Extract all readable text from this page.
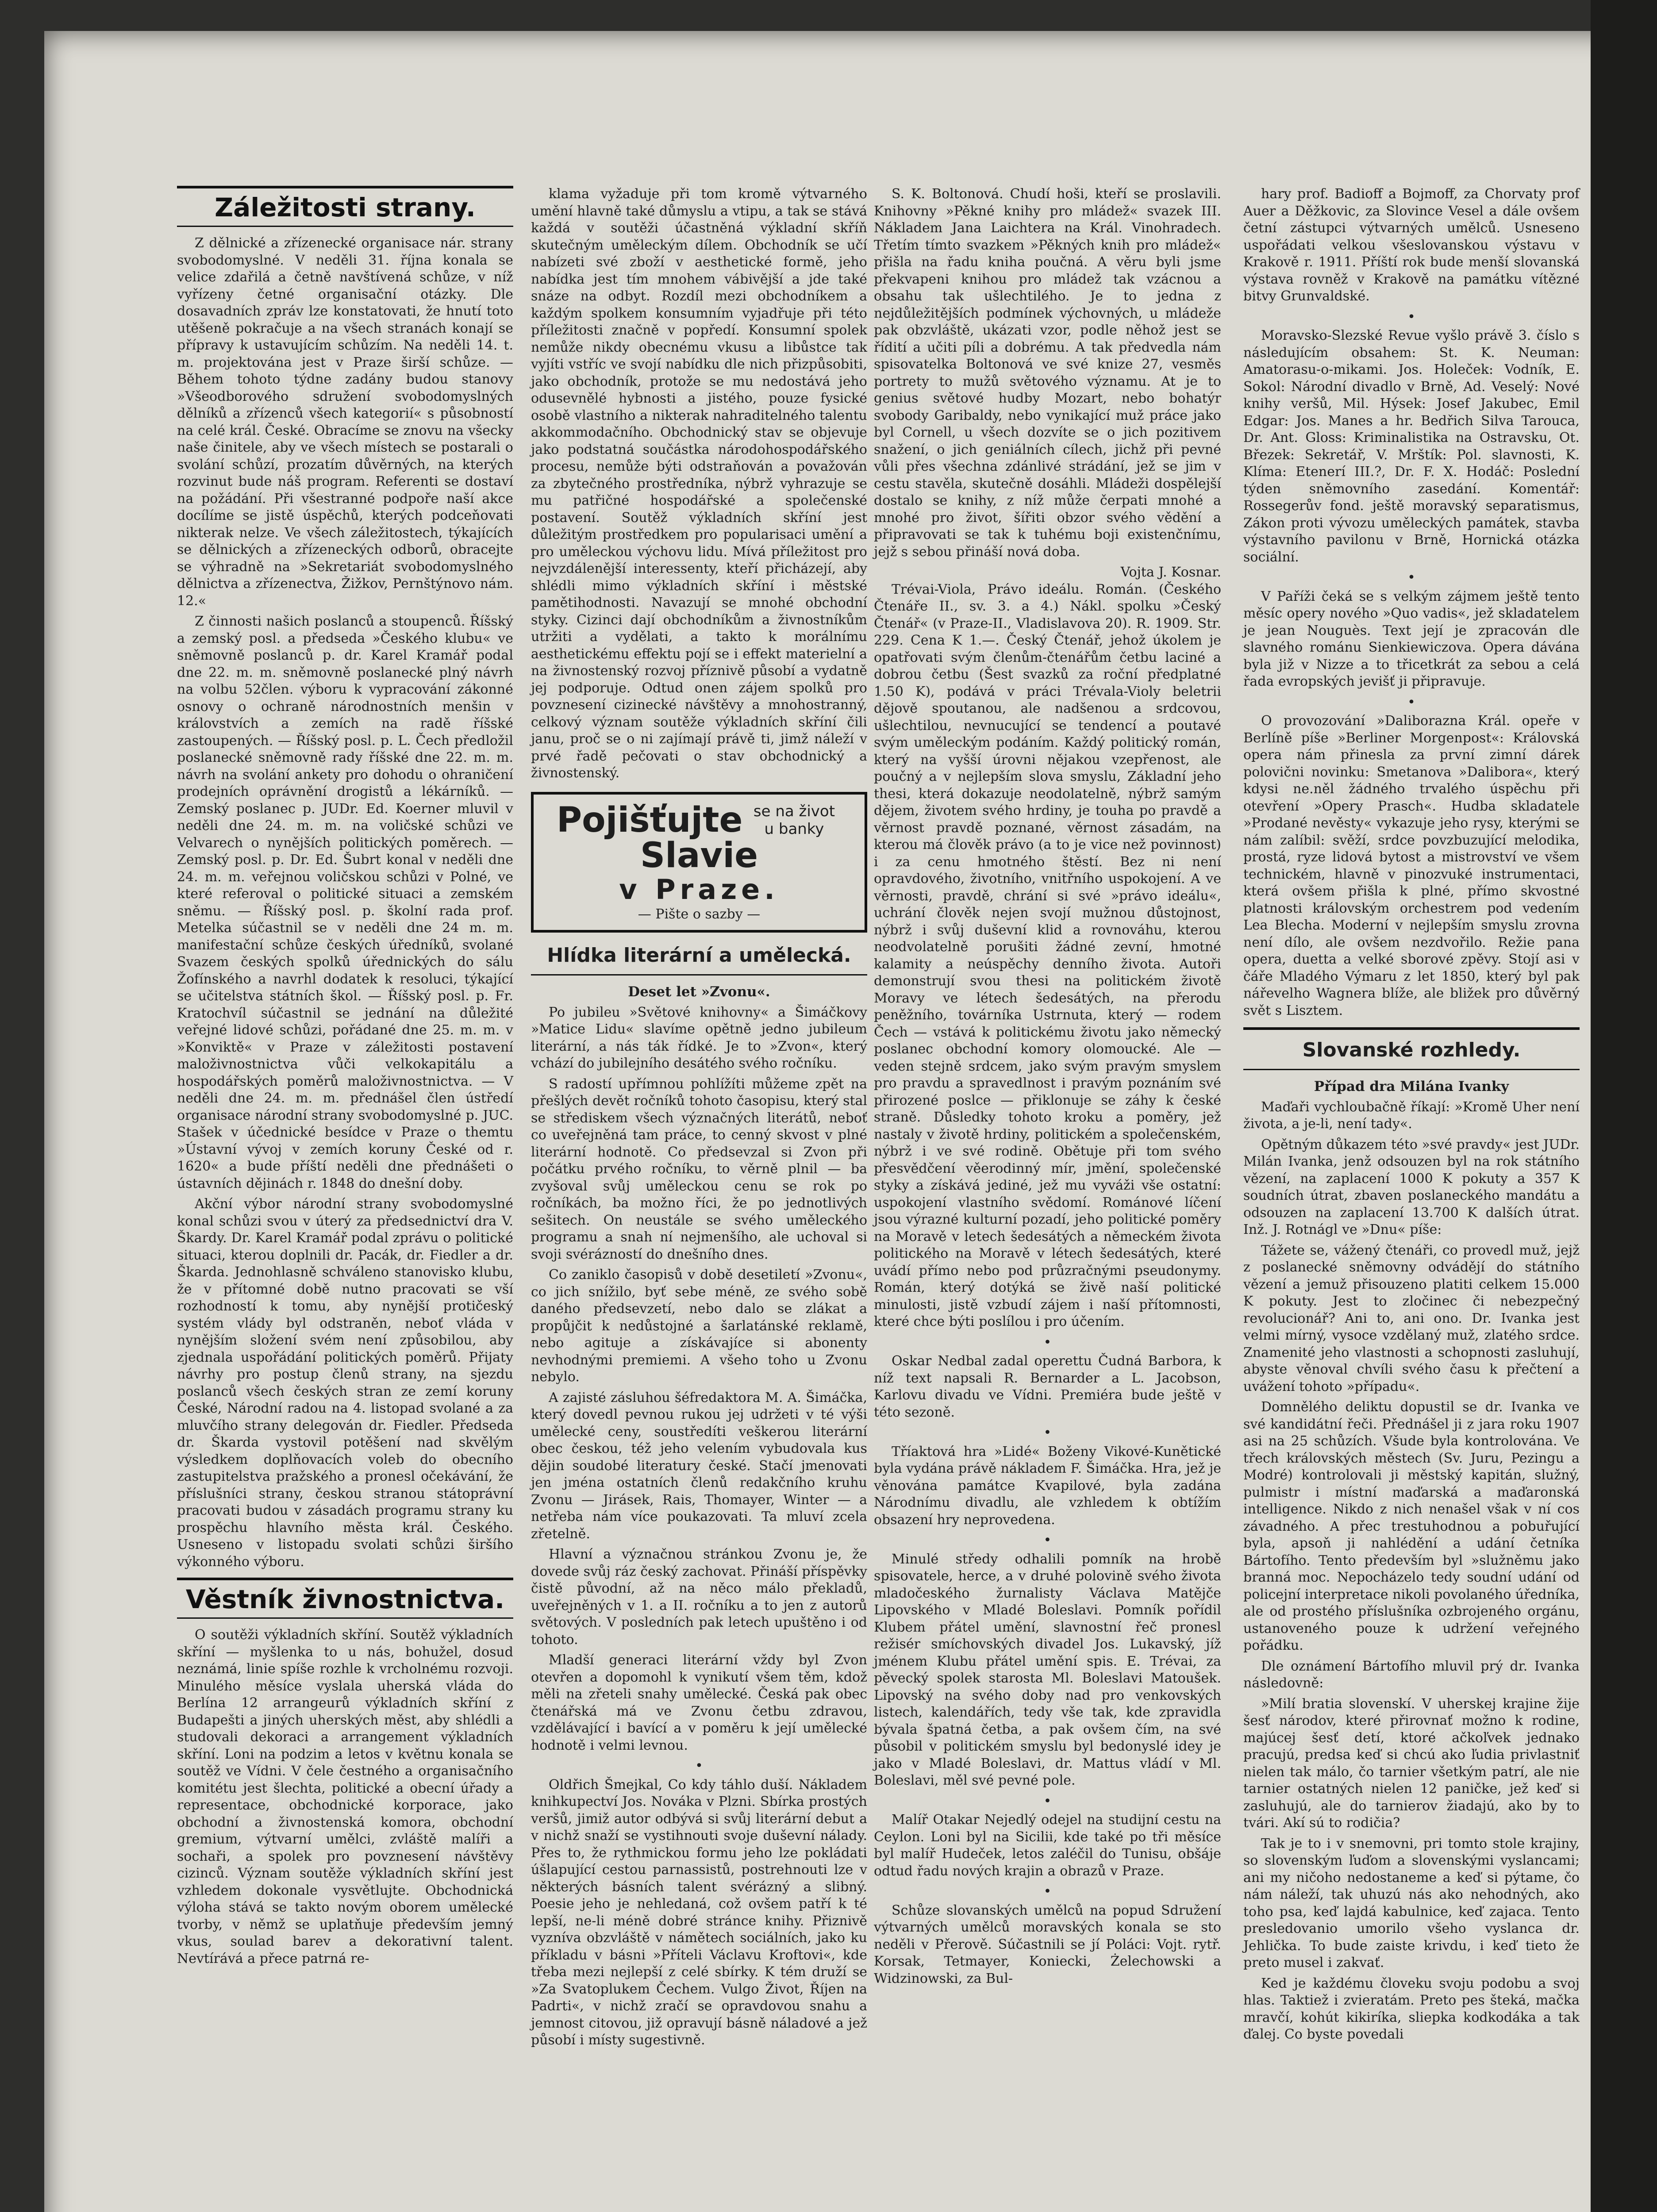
Záležitosti strany.

Z dělnické a zřízenecké organisace nár. strany svobodomyslné. V neděli 31. října konala se velice zdařilá a četně navštívená schůze, v níž vyřízeny četné organisační otázky. Dle dosavadních zpráv lze konstatovati, že hnutí toto utěšeně pokračuje a na všech stranách konají se přípravy k ustavujícím schůzím. Na neděli 14. t. m. projektována jest v Praze širší schůze. — Během tohoto týdne zadány budou stanovy »Všeodborového sdružení svobodomyslných dělníků a zřízenců všech kategorií« s působností na celé král. České. Obracíme se znovu na všecky naše činitele, aby ve všech místech se postarali o svolání schůzí, prozatím důvěrných, na kterých rozvinut bude náš program. Referenti se dostaví na požádání. Při všestranné podpoře naší akce docílíme se jistě úspěchů, kterých podceňovati nikterak nelze. Ve všech záležitostech, týkajících se dělnických a zřízeneckých odborů, obracejte se výhradně na »Sekretariát svobodomyslného dělnictva a zřízenectva, Žižkov, Pernštýnovo nám. 12.«

Z činnosti našich poslanců a stoupenců. Říšský a zemský posl. a předseda »Českého klubu« ve sněmovně poslanců p. dr. Karel Kramář podal dne 22. m. m. sněmovně poslanecké plný návrh na volbu 52člen. výboru k vypracování zákonné osnovy o ochraně národnostních menšin v královstvích a zemích na radě říšské zastoupených. — Říšský posl. p. L. Čech předložil poslanecké sněmovně rady říšské dne 22. m. m. návrh na svolání ankety pro dohodu o ohraničení prodejních oprávnění drogistů a lékárníků. — Zemský poslanec p. JUDr. Ed. Koerner mluvil v neděli dne 24. m. m. na voličské schůzi ve Velvarech o nynějších politických poměrech. — Zemský posl. p. Dr. Ed. Šubrt konal v neděli dne 24. m. m. veřejnou voličskou schůzi v Polné, ve které referoval o politické situaci a zemském sněmu. — Říšský posl. p. školní rada prof. Metelka súčastnil se v neděli dne 24 m. m. manifestační schůze českých úředníků, svolané Svazem českých spolků úřednických do sálu Žofínského a navrhl dodatek k resoluci, týkající se učitelstva státních škol. — Říšský posl. p. Fr. Kratochvíl súčastnil se jednání na důležité veřejné lidové schůzi, pořádané dne 25. m. m. v »Konviktě« v Praze v záležitosti postavení maloživnostnictva vůči velkokapitálu a hospodářských poměrů maloživnostnictva. — V neděli dne 24. m. m. přednášel člen ústředí organisace národní strany svobodomyslné p. JUC. Stašek v účednické besídce v Praze o themtu »Ústavní vývoj v zemích koruny České od r. 1620« a bude příští neděli dne přednášeti o ústavních dějinách r. 1848 do dnešní doby.

Akční výbor národní strany svobodomyslné konal schůzi svou v úterý za předsednictví dra V. Škardy. Dr. Karel Kramář podal zprávu o politické situaci, kterou doplnili dr. Pacák, dr. Fiedler a dr. Škarda. Jednohlasně schváleno stanovisko klubu, že v přítomné době nutno pracovati se vší rozhodností k tomu, aby nynější protičeský systém vlády byl odstraněn, neboť vláda v nynějším složení svém není způsobilou, aby zjednala uspořádání politických poměrů. Přijaty návrhy pro postup členů strany, na sjezdu poslanců všech českých stran ze zemí koruny České, Národní radou na 4. listopad svolané a za mluvčího strany delegován dr. Fiedler. Předseda dr. Škarda vystovil potěšení nad skvělým výsledkem doplňovacích voleb do obecního zastupitelstva pražského a pronesl očekávání, že příslušníci strany, českou stranou státoprávní pracovati budou v zásadách programu strany ku prospěchu hlavního města král. Českého. Usneseno v listopadu svolati schůzi širšího výkonného výboru.

Věstník živnostnictva.

O soutěži výkladních skříní. Soutěž výkladních skříní — myšlenka to u nás, bohužel, dosud neznámá, linie spíše rozhle k vrcholnému rozvoji. Minulého měsíce vyslala uherská vláda do Berlína 12 arrangeurů výkladních skříní z Budapešti a jiných uherských měst, aby shlédli a studovali dekoraci a arrangement výkladních skříní. Loni na podzim a letos v květnu konala se soutěž ve Vídni. V čele čestného a organisačního komitétu jest šlechta, politické a obecní úřady a representace, obchodnické korporace, jako obchodní a živnostenská komora, obchodní gremium, výtvarní umělci, zvláště malíři a sochaři, a spolek pro povznesení návštěvy cizinců. Význam soutěže výkladních skříní jest vzhledem dokonale vysvětlujte. Obchodnická výloha stává se takto novým oborem umělecké tvorby, v němž se uplatňuje především jemný vkus, soulad barev a dekorativní talent. Nevtírává a přece patrná re-

klama vyžaduje při tom kromě výtvarného umění hlavně také důmyslu a vtipu, a tak se stává každá v soutěži účastněná výkladní skříň skutečným uměleckým dílem. Obchodník se učí nabízeti své zboží v aesthetické formě, jeho nabídka jest tím mnohem vábivější a jde také snáze na odbyt. Rozdíl mezi obchodníkem a každým spolkem konsumním vyjadřuje při této příležitosti značně v popředí. Konsumní spolek nemůže nikdy obecnému vkusu a libůstce tak vyjíti vstříc ve svojí nabídku dle nich přizpůsobiti, jako obchodník, protože se mu nedostává jeho odusevnělé hybnosti a jistého, pouze fysické osobě vlastního a nikterak nahraditelného talentu akkommodačního. Obchodnický stav se objevuje jako podstatná součástka národohospodářského procesu, nemůže býti odstraňován a považován za zbytečného prostředníka, nýbrž vyhrazuje se mu patřičné hospodářské a společenské postavení. Soutěž výkladních skříní jest důležitým prostředkem pro popularisaci umění a pro uměleckou výchovu lidu. Mívá příležitost pro nejvzdálenější interessenty, kteří přicházejí, aby shlédli mimo výkladních skříní i městské pamětihodnosti. Navazují se mnohé obchodní styky. Cizinci dají obchodníkům a živnostníkům utržiti a vydělati, a takto k morálnímu aesthetickému effektu pojí se i effekt materielní a na živnostenský rozvoj příznivě působí a vydatně jej podporuje. Odtud onen zájem spolků pro povznesení cizinecké návštěvy a mnohostranný, celkový význam soutěže výkladních skříní čili janu, proč se o ni zajímají právě ti, jimž náleží v prvé řadě pečovati o stav obchodnický a živnostenský.

Pojišťujte se na život u banky Slavie
v Praze.
— Pište o sazby —
Hlídka literární a umělecká.
Deset let »Zvonu«.

Po jubileu »Světové knihovny« a Šimáčkovy »Matice Lidu« slavíme opětně jedno jubileum literární, a nás ták řídké. Je to »Zvon«, který vchází do jubilejního desátého svého ročníku.

S radostí upřímnou pohlížíti můžeme zpět na přešlých devět ročníků tohoto časopisu, který stal se střediskem všech význačných literátů, neboť co uveřejněná tam práce, to cenný skvost v plné literární hodnotě. Co předsevzal si Zvon při počátku prvého ročníku, to věrně plnil — ba zvyšoval svůj uměleckou cenu se rok po ročníkách, ba možno říci, že po jednotlivých sešitech. On neustále se svého uměleckého programu a snah ní nejmenšího, ale uchoval si svoji svérázností do dnešního dnes.

Co zaniklo časopisů v době desetiletí »Zvonu«, co jich snížilo, byť sebe méně, ze svého sobě daného předsevzetí, nebo dalo se zlákat a propůjčit k nedůstojné a šarlatánské reklamě, nebo agituje a získávajíce si abonenty nevhodnými premiemi. A všeho toho u Zvonu nebylo.

A zajisté zásluhou šéfredaktora M. A. Šimáčka, který dovedl pevnou rukou jej udržeti v té výši umělecké ceny, soustředíti veškerou literární obec českou, též jeho velením vybudovala kus dějin soudobé literatury české. Stačí jmenovati jen jména ostatních členů redakčního kruhu Zvonu — Jirásek, Rais, Thomayer, Winter — a netřeba nám více poukazovati. Ta mluví zcela zřetelně.

Hlavní a význačnou stránkou Zvonu je, že dovede svůj ráz český zachovat. Přináší příspěvky čistě původní, až na něco málo překladů, uveřejněných v 1. a II. ročníku a to jen z autorů světových. V posledních pak letech upuštěno i od tohoto.

Mladší generaci literární vždy byl Zvon otevřen a dopomohl k vynikutí všem těm, kdož měli na zřeteli snahy umělecké. Česká pak obec čtenářská má ve Zvonu četbu zdravou, vzdělávající i bavící a v poměru k její umělecké hodnotě i velmi levnou.

•

Oldřich Šmejkal, Co kdy táhlo duší. Nákladem knihkupectví Jos. Nováka v Plzni. Sbírka prostých veršů, jimiž autor odbývá si svůj literární debut a v nichž snaží se vystihnouti svoje duševní nálady. Přes to, že rythmickou formu jeho lze pokládati úšlapující cestou parnassistů, postrehnouti lze v některých básních talent svérázný a slibný. Poesie jeho je nehledaná, což ovšem patří k té lepší, ne-li méně dobré stránce knihy. Přiznivě vyzníva obzvláště v námětech sociálních, jako ku příkladu v básni »Příteli Václavu Kroftovi«, kde třeba mezi nejlepší z celé sbírky. K tém druží se »Za Svatoplukem Čechem. Vulgo Život, Říjen na Padrti«, v nichž zračí se opravdovou snahu a jemnost citovou, již opravují básně náladové a jež působí i místy sugestivně.

S. K. Boltonová. Chudí hoši, kteří se proslavili. Knihovny »Pěkné knihy pro mládež« svazek III. Nákladem Jana Laichtera na Král. Vinohradech. Třetím tímto svazkem »Pěkných knih pro mládež« přišla na řadu kniha poučná. A věru byli jsme překvapeni knihou pro mládež tak vzácnou a obsahu tak ušlechtilého. Je to jedna z nejdůležitějších podmínek výchovných, u mládeže pak obzvláště, ukázati vzor, podle něhož jest se řídití a učiti píli a dobrému. A tak předvedla nám spisovatelka Boltonová ve své knize 27, vesměs portrety to mužů světového významu. At je to genius světové hudby Mozart, nebo bohatýr svobody Garibaldy, nebo vynikající muž práce jako byl Cornell, u všech dozvíte se o jich pozitivem snažení, o jich geniálních cílech, jichž při pevné vůli přes všechna zdánlivé strádání, jež se jim v cestu stavěla, skutečně dosáhli. Mládeži dospělejší dostalo se knihy, z níž může čerpati mnohé a mnohé pro život, šířiti obzor svého vědění a připravovati se tak k tuhému boji existenčnímu, jejž s sebou přináší nová doba.

Vojta J. Kosnar.

Trévai-Viola, Právo ideálu. Román. (Českého Čtenáře II., sv. 3. a 4.) Nákl. spolku »Český Čtenář« (v Praze-II., Vladislavova 20). R. 1909. Str. 229. Cena K 1.—. Český Čtenář, jehož úkolem je opatřovati svým členům-čtenářům četbu laciné a dobrou četbu (Šest svazků za roční předplatné 1.50 K), podává v práci Trévala-Violy beletrii dějově spoutanou, ale nadšenou a srdcovou, ušlechtilou, nevnucující se tendencí a poutavé svým uměleckým podáním. Každý politický román, který na vyšší úrovni nějakou vzepřenost, ale poučný a v nejlepším slova smyslu, Základní jeho thesi, která dokazuje neodolatelně, nýbrž samým dějem, životem svého hrdiny, je touha po pravdě a věrnost pravdě poznané, věrnost zásadám, na kterou má člověk právo (a to je vice než povinnost) i za cenu hmotného štěstí. Bez ni není opravdového, životního, vnitřního uspokojení. A ve věrnosti, pravdě, chrání si své »právo ideálu«, uchrání člověk nejen svojí mužnou důstojnost, nýbrž i svůj duševní klid a rovnováhu, kterou neodvolatelně porušiti žádné zevní, hmotné kalamity a neúspěchy denního života. Autoři demonstrují svou thesi na politickém životě Moravy ve létech šedesátých, na přerodu peněžního, továrníka Ustrnuta, který — rodem Čech — vstává k politickému životu jako německý poslanec obchodní komory olomoucké. Ale — veden stejně srdcem, jako svým pravým smyslem pro pravdu a spravedlnost i pravým poznáním své přirozené poslce — přiklonuje se záhy k české straně. Důsledky tohoto kroku a poměry, jež nastaly v životě hrdiny, politickém a společenském, nýbrž i ve své rodině. Obětuje při tom svého přesvědčení věerodinný mír, jmění, společenské styky a získává jediné, jež mu vyváži vše ostatní: uspokojení vlastního svědomí. Románové líčení jsou výrazné kulturní pozadí, jeho politické poměry na Moravě v letech šedesátých a německém života politického na Moravě v létech šedesátých, které uvádí přímo nebo pod průzračnými pseudonymy. Román, který dotýká se živě naší politické minulosti, jistě vzbudí zájem i naší přítomnosti, které chce býti poslílou i pro účením.

•

Oskar Nedbal zadal operettu Čudná Barbora, k níž text napsali R. Bernarder a L. Jacobson, Karlovu divadu ve Vídni. Premiéra bude ještě v této sezoně.

•

Tříaktová hra »Lidé« Boženy Vikové-Kunětické byla vydána právě nákladem F. Šimáčka. Hra, jež je věnována památce Kvapilové, byla zadána Národnímu divadlu, ale vzhledem k obtížím obsazení hry neprovedena.

•

Minulé středy odhalili pomník na hrobě spisovatele, herce, a v druhé polovině svého života mladočeského žurnalisty Václava Matějče Lipovského v Mladé Boleslavi. Pomník pořídil Klubem přátel umění, slavnostní řeč pronesl režisér smíchovských divadel Jos. Lukavský, jíž jménem Klubu přátel umění spis. E. Trévai, za pěvecký spolek starosta Ml. Boleslavi Matoušek. Lipovský na svého doby nad pro venkovských listech, kalendářích, tedy vše tak, kde zpravidla bývala špatná četba, a pak ovšem čím, na své působil v politickém smyslu byl bedonyslé idey je jako v Mladé Boleslavi, dr. Mattus vládí v Ml. Boleslavi, měl své pevné pole.

•

Malíř Otakar Nejedlý odejel na studijní cestu na Ceylon. Loni byl na Sicilii, kde také po tři měsíce byl malíř Hudeček, letos zaléčil do Tunisu, obšáje odtud řadu nových krajin a obrazů v Praze.

•

Schůze slovanských umělců na popud Sdružení výtvarných umělců moravských konala se sto neděli v Přerově. Súčastnili se jí Poláci: Vojt. rytř. Korsak, Tetmayer, Koniecki, Żelechowski a Widzinowski, za Bul-

hary prof. Badioff a Bojmoff, za Chorvaty prof Auer a Děžkovic, za Slovince Vesel a dále ovšem četní zástupci výtvarných umělců. Usneseno uspořádati velkou všeslovanskou výstavu v Krakově r. 1911. Příští rok bude menší slovanská výstava rovněž v Krakově na památku vítězné bitvy Grunvaldské.

•

Moravsko-Slezské Revue vyšlo právě 3. číslo s následujícím obsahem: St. K. Neuman: Amatorasu-o-mikami. Jos. Holeček: Vodník, E. Sokol: Národní divadlo v Brně, Ad. Veselý: Nové knihy veršů, Mil. Hýsek: Josef Jakubec, Emil Edgar: Jos. Manes a hr. Bedřich Silva Tarouca, Dr. Ant. Gloss: Kriminalistika na Ostravsku, Ot. Březek: Sekretář, V. Mrštík: Pol. slavnosti, K. Klíma: Etenerí III.?, Dr. F. X. Hodáč: Poslední týden sněmovního zasedání. Komentář: Rossegerův fond. ještě moravský separatismus, Zákon proti vývozu uměleckých památek, stavba výstavního pavilonu v Brně, Hornická otázka sociální.

•

V Paříži čeká se s velkým zájmem ještě tento měsíc opery nového »Quo vadis«, jež skladatelem je jean Nouguès. Text její je zpracován dle slavného románu Sienkiewiczova. Opera dávána byla již v Nizze a to třicetkrát za sebou a celá řada evropských jevišť ji připravuje.

•

O provozování »Daliborazna Král. opeře v Berlíně píše »Berliner Morgenpost«: Královská opera nám přinesla za první zimní dárek polovični novinku: Smetanova »Dalibora«, který kdysi ne.něl žádného trvalého úspěchu při otevření »Opery Prasch«. Hudba skladatele »Prodané nevěsty« vykazuje jeho rysy, kterými se nám zalíbil: svěží, srdce povzbuzující melodika, prostá, ryze lidová bytost a mistrovství ve všem technickém, hlavně v pinozvuké instrumentaci, která ovšem přišla k plné, přímo skvostné platnosti královským orchestrem pod vedením Lea Blecha. Moderní v nejlepším smyslu zrovna není dílo, ale ovšem nezdvořilo. Režie pana opera, duetta a velké sborové zpěvy. Stojí asi v čáře Mladého Výmaru z let 1850, který byl pak nářevelho Wagnera blíže, ale bližek pro důvěrný svět s Lisztem.

Slovanské rozhledy.
Případ dra Milána Ivanky

Maďaři vychloubačně říkají: »Kromě Uher není života, a je-li, není tady«.

Opětným důkazem této »své pravdy« jest JUDr. Milán Ivanka, jenž odsouzen byl na rok státního vězení, na zaplacení 1000 K pokuty a 357 K soudních útrat, zbaven poslaneckého mandátu a odsouzen na zaplacení 13.700 K dalších útrat. Inž. J. Rotnágl ve »Dnu« píše:

Tážete se, vážený čtenáři, co provedl muž, jejž z poslanecké sněmovny odvádějí do státního vězení a jemuž přisouzeno platiti celkem 15.000 K pokuty. Jest to zločinec či nebezpečný revolucionář? Ani to, ani ono. Dr. Ivanka jest velmi mírný, vysoce vzdělaný muž, zlatého srdce. Znamenité jeho vlastnosti a schopnosti zasluhují, abyste věnoval chvíli svého času k přečtení a uvážení tohoto »případu«.

Domnělého deliktu dopustil se dr. Ivanka ve své kandidátní řeči. Přednášel ji z jara roku 1907 asi na 25 schůzích. Všude byla kontrolována. Ve třech královských městech (Sv. Juru, Pezingu a Modré) kontrolovali ji městský kapitán, služný, pulmistr i místní maďarská a maďaronská intelligence. Nikdo z nich nenašel však v ní cos závadného. A přec trestuhodnou a pobuřující byla, apsoň ji nahlédění a udání četníka Bártofího. Tento především byl »služněmu jako branná moc. Nepocházelo tedy soudní udání od policejní interpretace nikoli povolaného úředníka, ale od prostého příslušníka ozbrojeného orgánu, ustanoveného pouze k udržení veřejného pořádku.

Dle oznámení Bártofího mluvil prý dr. Ivanka následovně:

»Milí bratia slovenskí. V uherskej krajine žije šesť národov, které přirovnať možno k rodine, majúcej šesť detí, ktoré ačkoľvek jednako pracujú, predsa keď si chcú ako ľudia privlastniť nielen tak málo, čo tarnier všetkým patrí, ale nie tarnier ostatných nielen 12 paničke, jež keď si zasluhujú, ale do tarnierov žiadajú, ako by to tvári. Akí sú to rodičia?

Tak je to i v snemovni, pri tomto stole krajiny, so slovenským ľuďom a slovenskými vyslancami; ani my ničoho nedostaneme a keď si pýtame, čo nám náleží, tak uhuzú nás ako nehodných, ako toho psa, keď lajdá kabulnice, keď zajaca. Tento presledovanio umorilo všeho vyslanca dr. Jehlička. To bude zaiste krivdu, i keď tieto že preto musel i zakvať.

Ked je každému človeku svoju podobu a svoj hlas. Taktiež i zvieratám. Preto pes šteká, mačka mravčí, kohút kikiríka, sliepka kodkodáka a tak ďalej. Co byste povedali
